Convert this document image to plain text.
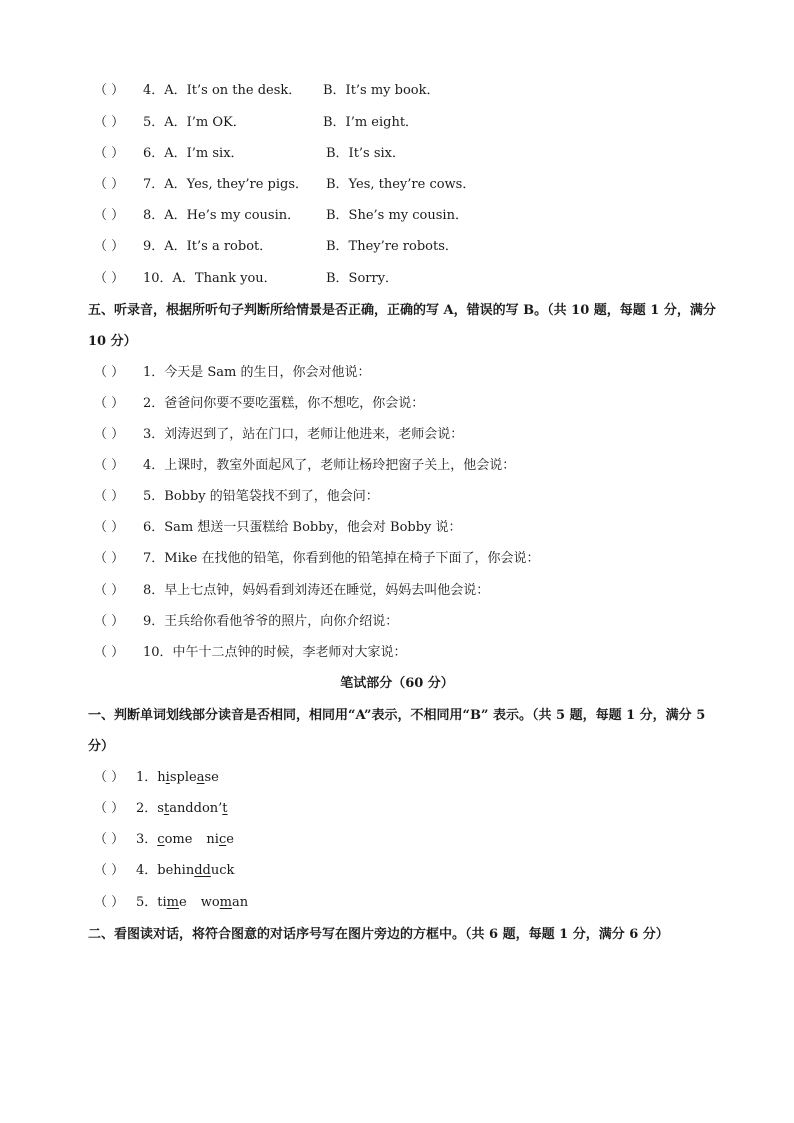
（ ） 4．A．It’s on the desk． B．It’s my book．
（ ） 5．A．I’m OK．	B．I’m eight．
（ ） 6．A．I’m six．	B．It’s six．
（ ） 7．A．Yes, they’re pigs． B．Yes, they’re cows．
（ ） 8．A．He’s my cousin． B．She’s my cousin．
（ ） 9．A．It’s a robot．	B．They’re robots．
（ ） 10．A．Thank you．	B．Sorry．
五、听录音，根据所听句子判断所给情景是否正确，正确的写 A，错误的写 B。（共 10 题，每题 1 分，满分 10 分）
（ ） 1．今天是 Sam 的生日，你会对他说：
（ ） 2．爸爸问你要不要吃蛋糕，你不想吃，你会说：
（ ） 3．刘涛迟到了，站在门口，老师让他进来，老师会说：
（ ） 4．上课时，教室外面起风了，老师让杨玲把窗子关上，他会说：
（ ） 5．Bobby 的铅笔袋找不到了，他会问：
（ ） 6．Sam 想送一只蛋糕给 Bobby，他会对 Bobby 说：
（ ） 7．Mike 在找他的铅笔，你看到他的铅笔掉在椅子下面了，你会说：
（ ） 8．早上七点钟，妈妈看到刘涛还在睡觉，妈妈去叫他会说：
（ ） 9．王兵给你看他爷爷的照片，向你介绍说：
（ ） 10．中午十二点钟的时候，李老师对大家说：
笔试部分（60 分）
一、判断单词划线部分读音是否相同，相同用“A”表示，不相同用“B” 表示。（共 5 题，每题 1 分，满分 5 分）
（ ） 1．hisplease
（ ） 2．standdon’t
（ ） 3．come nice
（ ） 4．behindduck
（ ） 5．time woman
二、看图读对话，将符合图意的对话序号写在图片旁边的方框中。（共 6 题，每题 1 分，满分 6 分）
